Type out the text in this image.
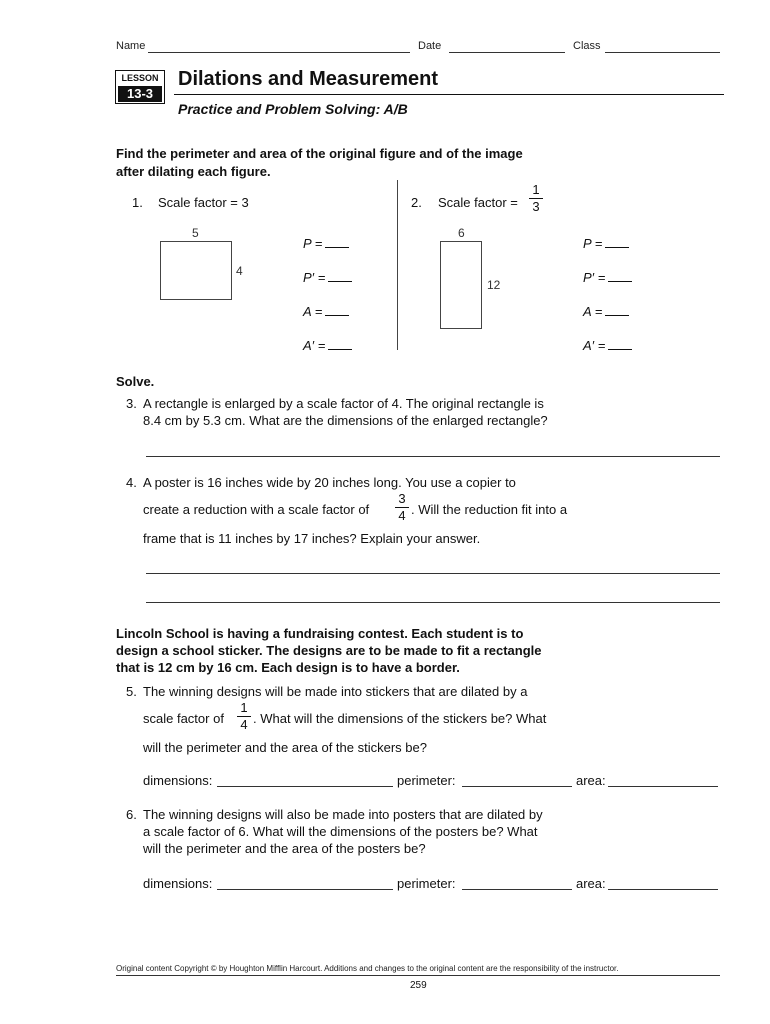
Name	Date	Class
LESSON
13-3
Dilations and Measurement
Practice and Problem Solving: A/B
Find the perimeter and area of the original figure and of the image
after dilating each figure.
1. Scale factor = 3
5
4
P =
P′ =
A =
A′ =
2. Scale factor =
1
3
6
12
P =
P′ =
A =
A′ =
Solve.
3. A rectangle is enlarged by a scale factor of 4. The original rectangle is
8.4 cm by 5.3 cm. What are the dimensions of the enlarged rectangle?
4. A poster is 16 inches wide by 20 inches long. You use a copier to
create a reduction with a scale factor of
3
4 . Will the reduction fit into a
frame that is 11 inches by 17 inches? Explain your answer.
Lincoln School is having a fundraising contest. Each student is to
design a school sticker. The designs are to be made to fit a rectangle
that is 12 cm by 16 cm. Each design is to have a border.
5. The winning designs will be made into stickers that are dilated by a
scale factor of
1
4 . What will the dimensions of the stickers be? What
will the perimeter and the area of the stickers be?
dimensions:	perimeter:	area:
6. The winning designs will also be made into posters that are dilated by
a scale factor of 6. What will the dimensions of the posters be? What
will the perimeter and the area of the posters be?
dimensions:	perimeter:	area:
Original content Copyright © by Houghton Mifflin Harcourt. Additions and changes to the original content are the responsibility of the instructor.
259
